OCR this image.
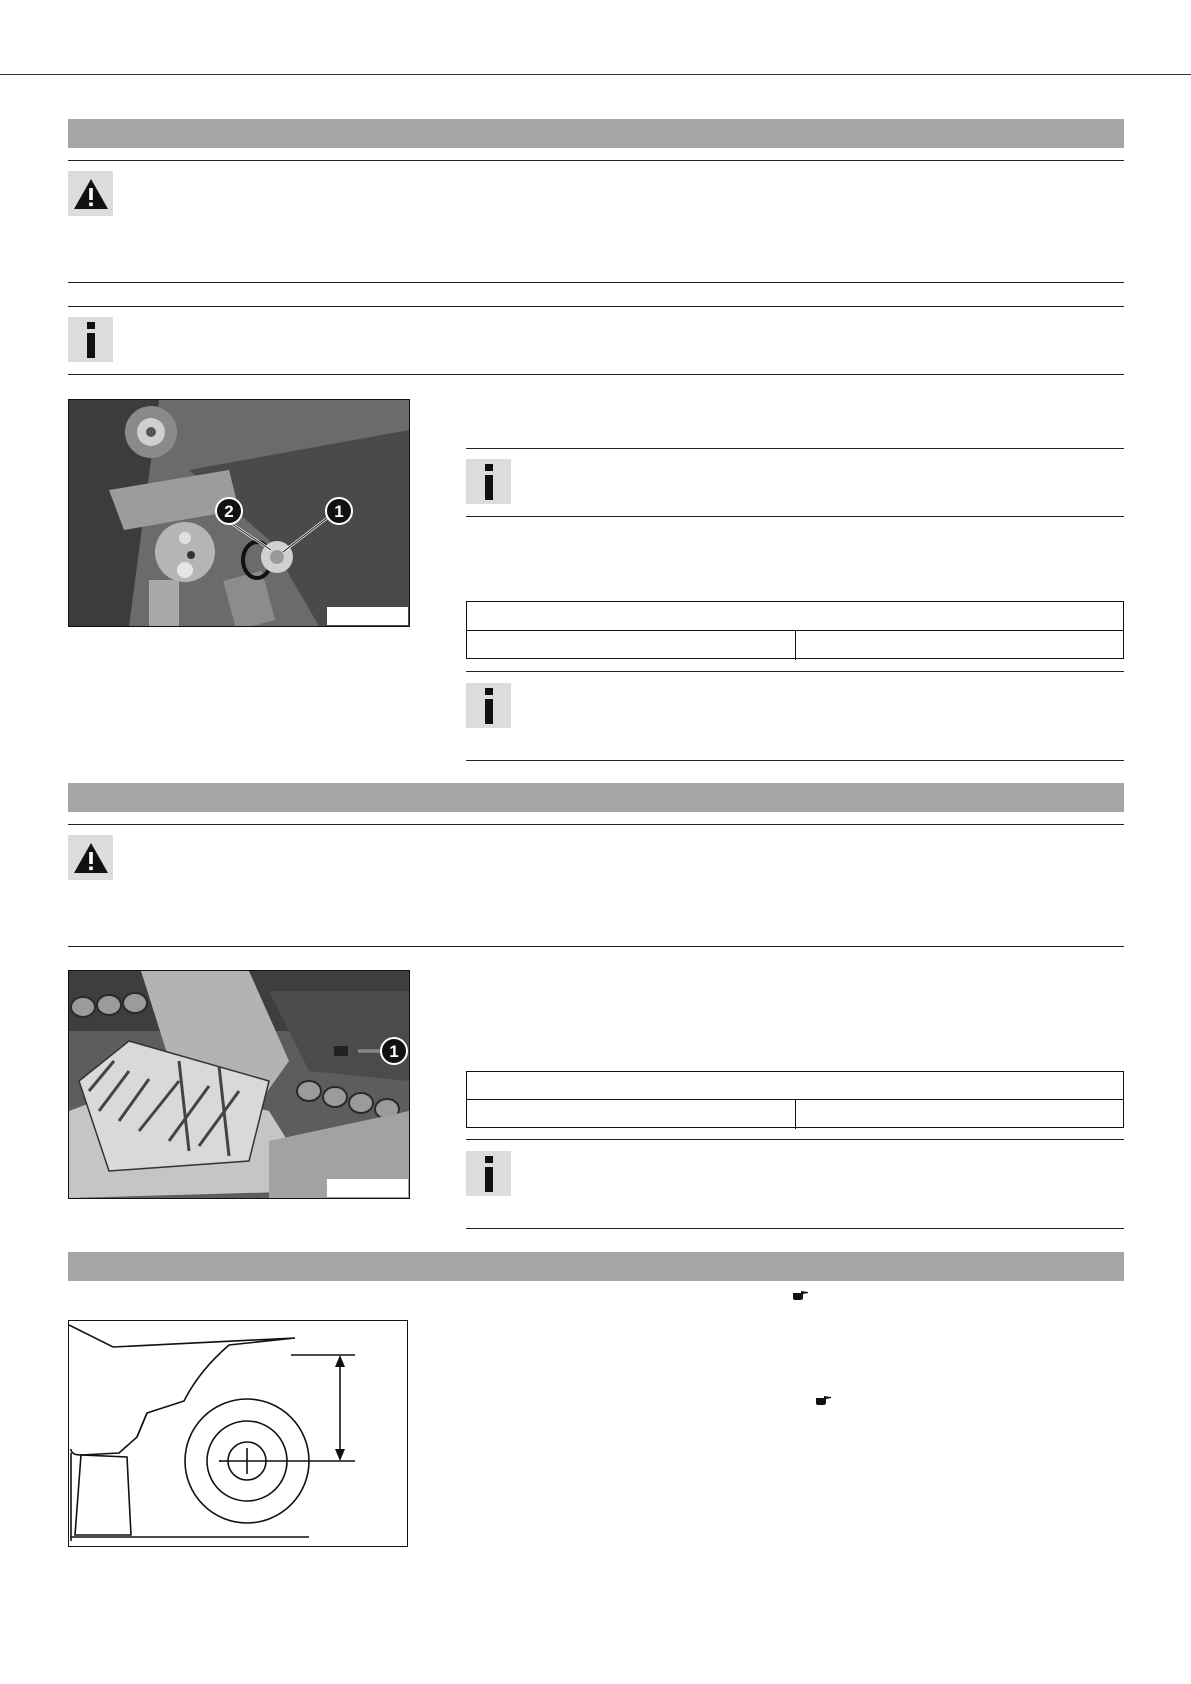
2	1
1
